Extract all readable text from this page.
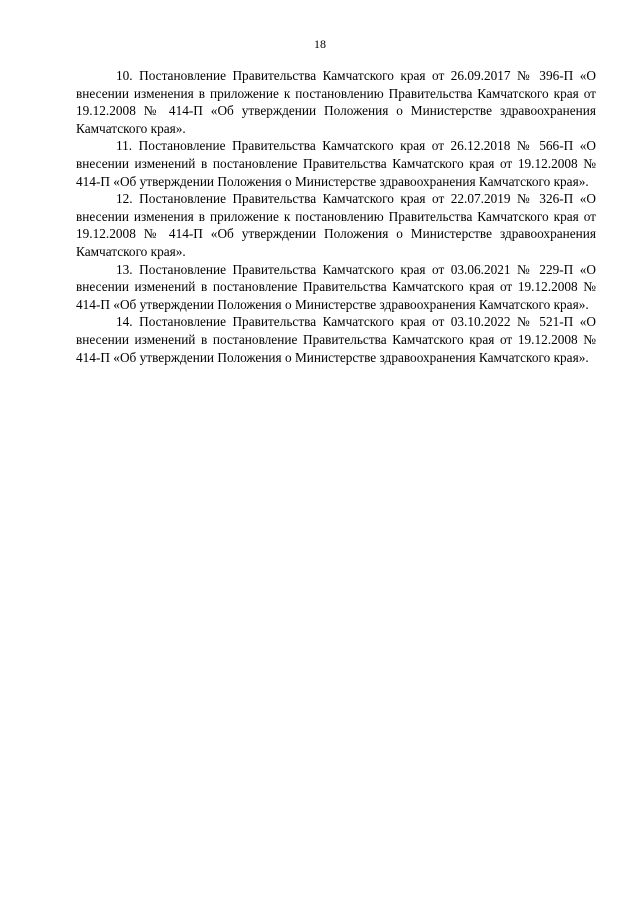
18

10. Постановление Правительства Камчатского края от 26.09.2017 № 396-П «О внесении изменения в приложение к постановлению Правительства Камчатского края от 19.12.2008 № 414-П «Об утверждении Положения о Министерстве здравоохранения Камчатского края».

11. Постановление Правительства Камчатского края от 26.12.2018 № 566-П «О внесении изменений в постановление Правительства Камчатского края от 19.12.2008 № 414-П «Об утверждении Положения о Министерстве здравоохранения Камчатского края».

12. Постановление Правительства Камчатского края от 22.07.2019 № 326-П «О внесении изменения в приложение к постановлению Правительства Камчатского края от 19.12.2008 № 414-П «Об утверждении Положения о Министерстве здравоохранения Камчатского края».

13. Постановление Правительства Камчатского края от 03.06.2021 № 229-П «О внесении изменений в постановление Правительства Камчатского края от 19.12.2008 № 414-П «Об утверждении Положения о Министерстве здравоохранения Камчатского края».

14. Постановление Правительства Камчатского края от 03.10.2022 № 521-П «О внесении изменений в постановление Правительства Камчатского края от 19.12.2008 № 414-П «Об утверждении Положения о Министерстве здравоохранения Камчатского края».
